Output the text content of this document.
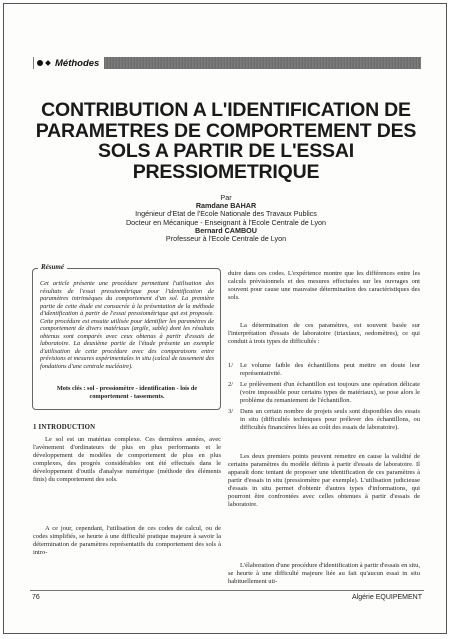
Méthodes
CONTRIBUTION A L'IDENTIFICATION DE PARAMETRES DE COMPORTEMENT DES SOLS A PARTIR DE L'ESSAI PRESSIOMETRIQUE
Par
Ramdane BAHAR
Ingénieur d'Etat de l'Ecole Nationale des Travaux Publics
Docteur en Mécanique - Enseignant à l'Ecole Centrale de Lyon
Bernard CAMBOU
Professeur à l'Ecole Centrale de Lyon
Résumé

Cet article présente une procédure permettant l'utilisation des résultats de l'essai pressiométrique pour l'identification de paramètres intrinsèques du comportement d'un sol. La première partie de cette étude est consacrée à la présentation de la méthode d'identification à partir de l'essai pressiométrique qui est proposée. Cette procédure est ensuite utilisée pour identifier les paramètres de comportement de divers matériaux (argile, sable) dont les résultats obtenus sont comparés avec ceux obtenus à partir d'essais de laboratoire. La deuxième partie de l'étude présente un exemple d'utilisation de cette procédure avec des comparaisons entre prévisions et mesures expérimentales in situ (calcul de tassement des fondations d'une centrale nucléaire).

Mots clés : sol - pressiomètre - identification - lois de comportement - tassements.

1 INTRODUCTION

Le sol est un matériau complexe. Ces dernières années, avec l'avènement d'ordinateurs de plus en plus performants et le développement de modèles de comportement de plus en plus complexes, des progrès considérables ont été effectués dans le développement d'outils d'analyse numérique (méthode des éléments finis) du comportement des sols.

A ce jour, cependant, l'utilisation de ces codes de calcul, ou de codes simplifiés, se heurte à une difficulté pratique majeure à savoir la détermination de paramètres représentatifs du comportement des sols à intro-

duire dans ces codes. L'expérience montre que les différences entre les calculs prévisionnels et des mesures effectuées sur les ouvrages ont souvent pour cause une mauvaise détermination des caractéristiques des sols.

La détermination de ces paramètres, est souvent basée sur l'interprétation d'essais de laboratoire (triaxiaux, oedomètres), ce qui conduit à trois types de difficultés :

1/	Le volume faible des échantillons peut mettre en doute leur représentativité.
2/	Le prélèvement d'un échantillon est toujours une opération délicate (voire impossible pour certains types de matériaux), se pose alors le problème du remaniement de l'échantillon.
3/	Dans un certain nombre de projets seuls sont disponibles des essais in situ (difficultés techniques pour prélever des échantillons, ou difficultés financières liées au coût des essais de laboratoire).

Les deux premiers points peuvent remettre en cause la validité de certains paramètres du modèle définis à partir d'essais de laboratoire. Il apparaît donc tentant de proposer une identification de ces paramètres à partir d'essais in situ (pressiomètre par exemple). L'utilisation judicieuse d'essais in situ permet d'obtenir d'autres types d'informations, qui pourront être confrontées avec celles obtenues à partir d'essais de laboratoire.

L'élaboration d'une procédure d'identification à partir d'essais en situ, se heurte à une difficulté majeure liée au fait qu'aucun essai in situ habituellement uti-

76	Algérie EQUIPEMENT
